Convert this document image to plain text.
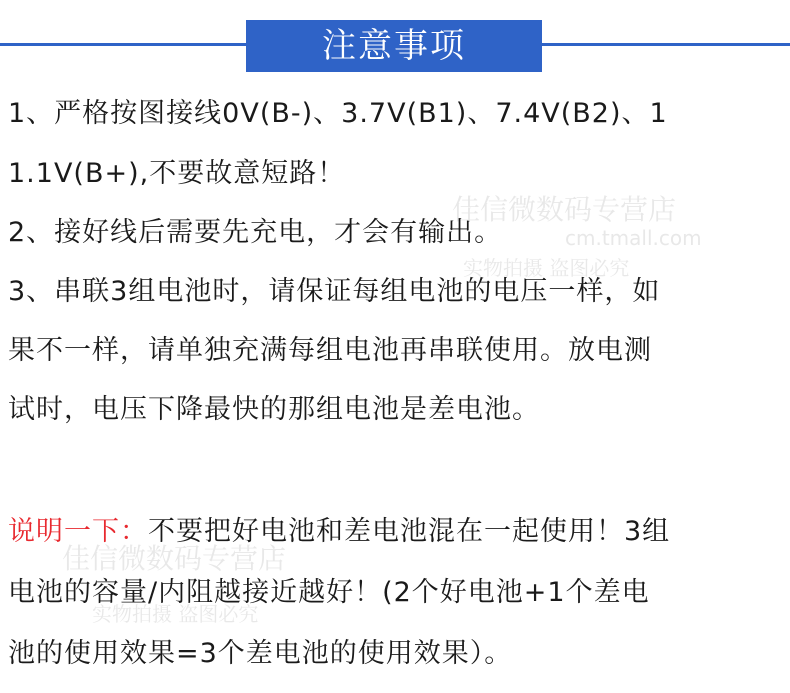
注意事项
佳信微数码专营店
cm.tmall.com
实物拍摄 盗图必究
佳信微数码专营店
实物拍摄 盗图必究
1、严格按图接线0V(B-)、3.7V(B1)、7.4V(B2)、1
1.1V(B+),不要故意短路！
2、接好线后需要先充电，才会有输出。
3、串联3组电池时，请保证每组电池的电压一样，如
果不一样，请单独充满每组电池再串联使用。放电测
试时，电压下降最快的那组电池是差电池。
说明一下：不要把好电池和差电池混在一起使用！3组
电池的容量/内阻越接近越好！(2个好电池+1个差电
池的使用效果=3个差电池的使用效果）。
